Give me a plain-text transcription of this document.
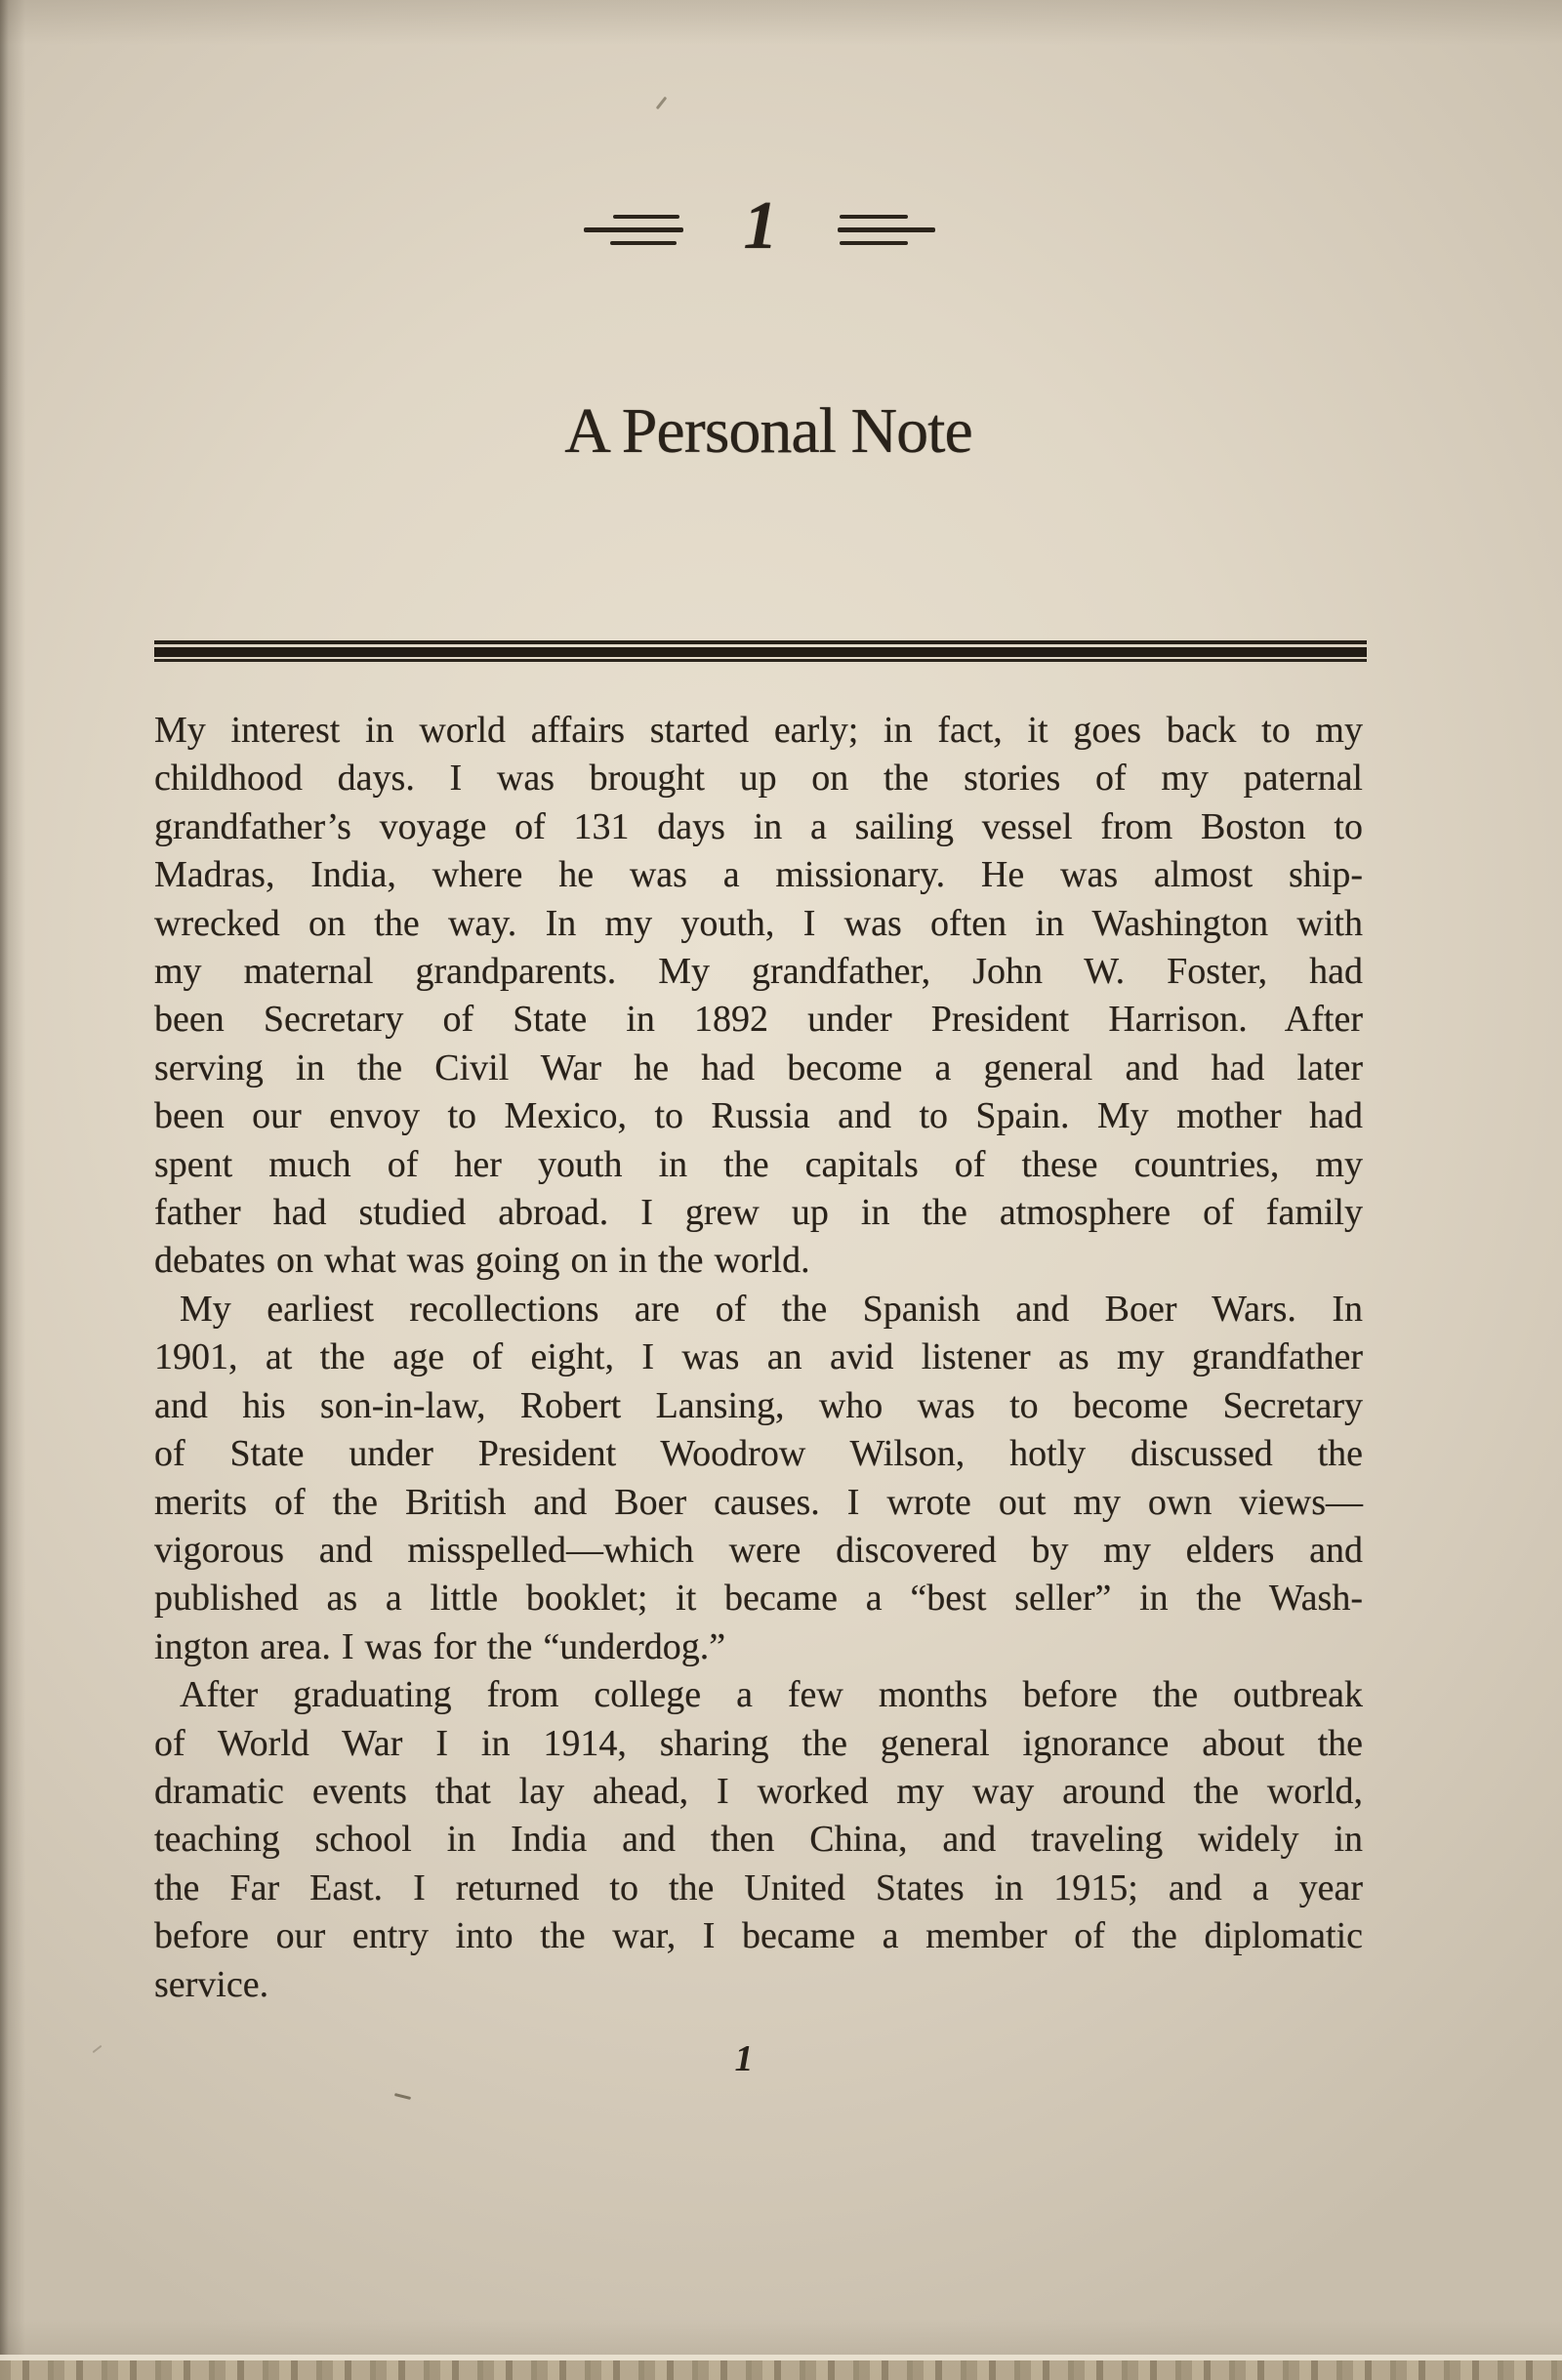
1
A Personal Note
My interest in world affairs started early; in fact, it goes back to my
childhood days. I was brought up on the stories of my paternal
grandfather’s voyage of 131 days in a sailing vessel from Boston to
Madras, India, where he was a missionary. He was almost ship-
wrecked on the way. In my youth, I was often in Washington with
my maternal grandparents. My grandfather, John W. Foster, had
been Secretary of State in 1892 under President Harrison. After
serving in the Civil War he had become a general and had later
been our envoy to Mexico, to Russia and to Spain. My mother had
spent much of her youth in the capitals of these countries, my
father had studied abroad. I grew up in the atmosphere of family
debates on what was going on in the world.
My earliest recollections are of the Spanish and Boer Wars. In
1901, at the age of eight, I was an avid listener as my grandfather
and his son-in-law, Robert Lansing, who was to become Secretary
of State under President Woodrow Wilson, hotly discussed the
merits of the British and Boer causes. I wrote out my own views—
vigorous and misspelled—which were discovered by my elders and
published as a little booklet; it became a “best seller” in the Wash-
ington area. I was for the “underdog.”
After graduating from college a few months before the outbreak
of World War I in 1914, sharing the general ignorance about the
dramatic events that lay ahead, I worked my way around the world,
teaching school in India and then China, and traveling widely in
the Far East. I returned to the United States in 1915; and a year
before our entry into the war, I became a member of the diplomatic
service.
1
